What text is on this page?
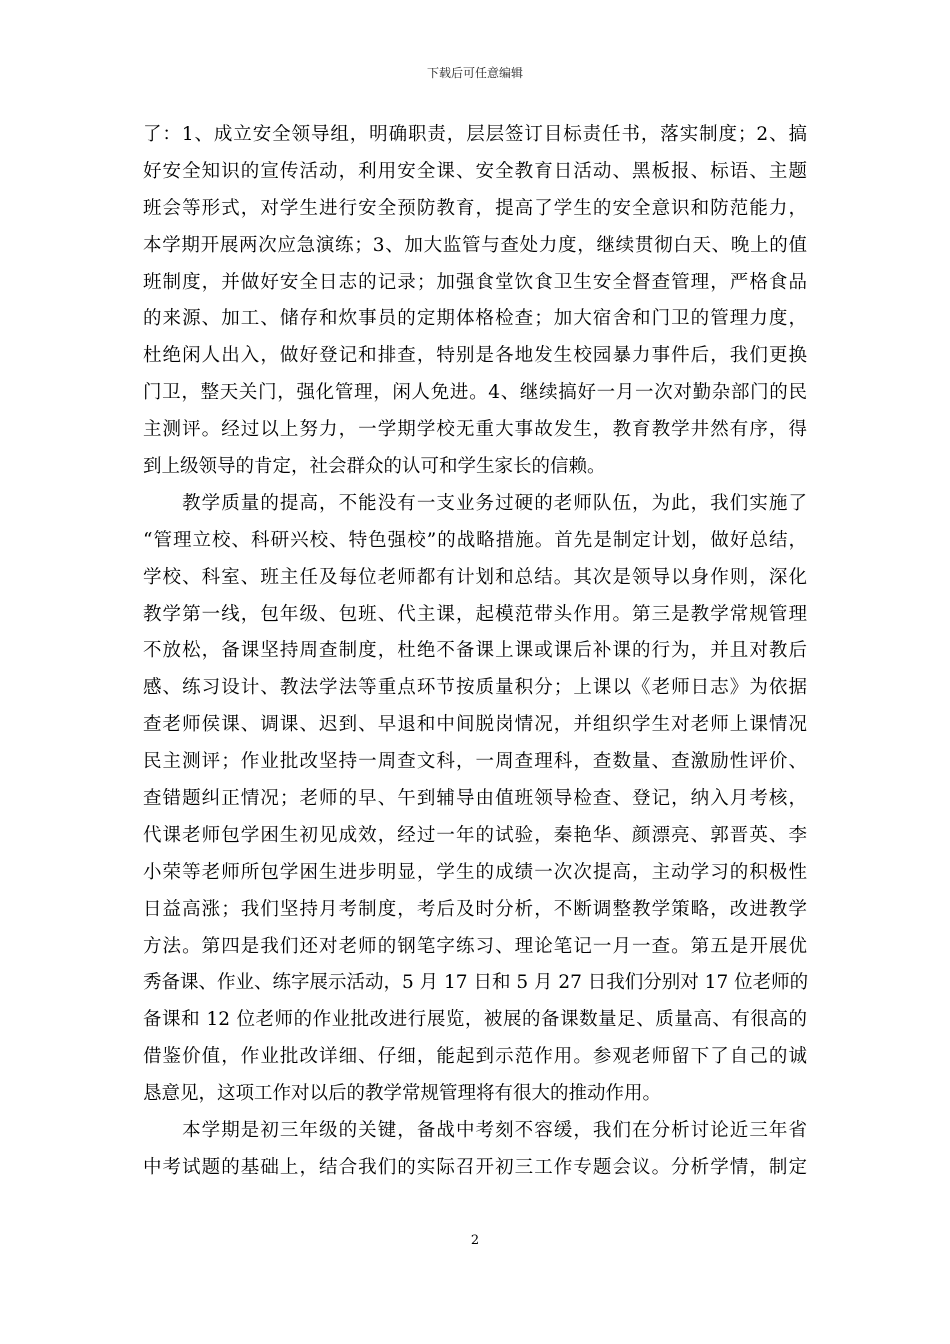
下载后可任意编辑
了：1、成立安全领导组，明确职责，层层签订目标责任书，落实制度；2、搞
好安全知识的宣传活动，利用安全课、安全教育日活动、黑板报、标语、主题
班会等形式，对学生进行安全预防教育，提高了学生的安全意识和防范能力，
本学期开展两次应急演练；3、加大监管与查处力度，继续贯彻白天、晚上的值
班制度，并做好安全日志的记录；加强食堂饮食卫生安全督查管理，严格食品
的来源、加工、储存和炊事员的定期体格检查；加大宿舍和门卫的管理力度，
杜绝闲人出入，做好登记和排查，特别是各地发生校园暴力事件后，我们更换
门卫，整天关门，强化管理，闲人免进。4、继续搞好一月一次对勤杂部门的民
主测评。经过以上努力，一学期学校无重大事故发生，教育教学井然有序，得
到上级领导的肯定，社会群众的认可和学生家长的信赖。
　　教学质量的提高，不能没有一支业务过硬的老师队伍，为此，我们实施了
“管理立校、科研兴校、特色强校”的战略措施。首先是制定计划，做好总结，
学校、科室、班主任及每位老师都有计划和总结。其次是领导以身作则，深化
教学第一线，包年级、包班、代主课，起模范带头作用。第三是教学常规管理
不放松，备课坚持周查制度，杜绝不备课上课或课后补课的行为，并且对教后
感、练习设计、教法学法等重点环节按质量积分；上课以《老师日志》为依据
查老师侯课、调课、迟到、早退和中间脱岗情况，并组织学生对老师上课情况
民主测评；作业批改坚持一周查文科，一周查理科，查数量、查激励性评价、
查错题纠正情况；老师的早、午到辅导由值班领导检查、登记，纳入月考核，
代课老师包学困生初见成效，经过一年的试验，秦艳华、颜漂亮、郭晋英、李
小荣等老师所包学困生进步明显，学生的成绩一次次提高，主动学习的积极性
日益高涨；我们坚持月考制度，考后及时分析，不断调整教学策略，改进教学
方法。第四是我们还对老师的钢笔字练习、理论笔记一月一查。第五是开展优
秀备课、作业、练字展示活动，5 月 17 日和 5 月 27 日我们分别对 17 位老师的
备课和 12 位老师的作业批改进行展览，被展的备课数量足、质量高、有很高的
借鉴价值，作业批改详细、仔细，能起到示范作用。参观老师留下了自己的诚
恳意见，这项工作对以后的教学常规管理将有很大的推动作用。
　　本学期是初三年级的关键，备战中考刻不容缓，我们在分析讨论近三年省
中考试题的基础上，结合我们的实际召开初三工作专题会议。分析学情，制定
2
